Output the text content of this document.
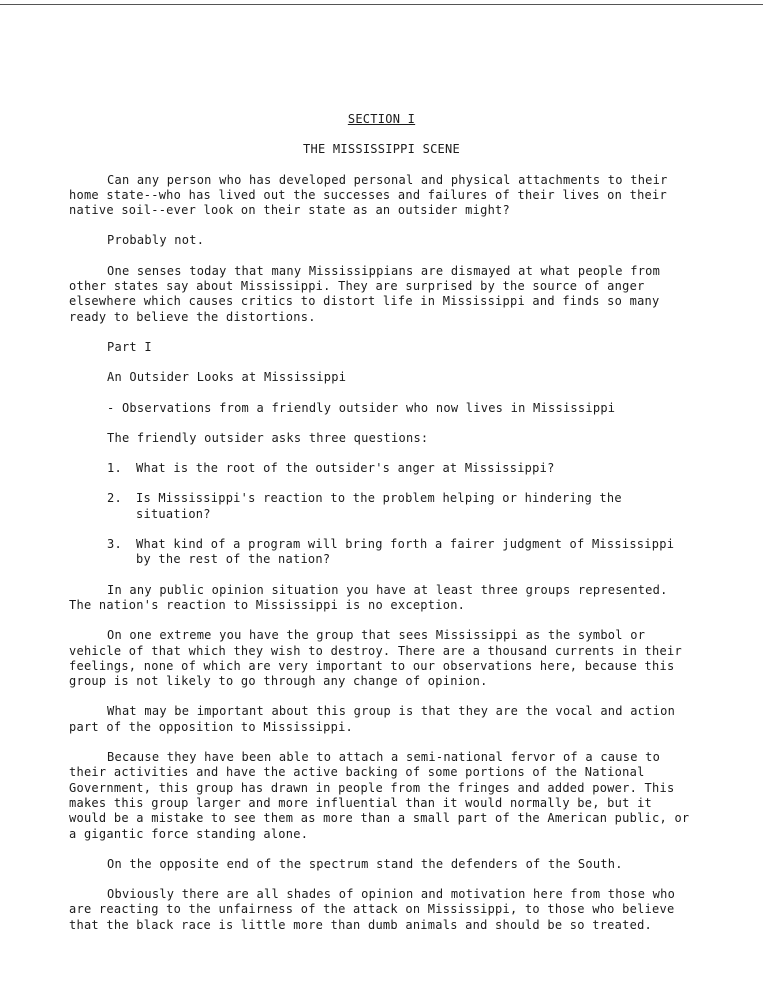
SECTION I
THE MISSISSIPPI SCENE

Can any person who has developed personal and physical attachments to their home state--who has lived out the successes and failures of their lives on their native soil--ever look on their state as an outsider might?

Probably not.

One senses today that many Mississippians are dismayed at what people from other states say about Mississippi. They are surprised by the source of anger elsewhere which causes critics to distort life in Mississippi and finds so many ready to believe the distortions.

Part I

An Outsider Looks at Mississippi

- Observations from a friendly outsider who now lives in Mississippi

The friendly outsider asks three questions:

1.	What is the root of the outsider's anger at Mississippi?
2.	Is Mississippi's reaction to the problem helping or hindering the situation?
3.	What kind of a program will bring forth a fairer judgment of Mississippi by the rest of the nation?

In any public opinion situation you have at least three groups represented. The nation's reaction to Mississippi is no exception.

On one extreme you have the group that sees Mississippi as the symbol or vehicle of that which they wish to destroy. There are a thousand currents in their feelings, none of which are very important to our observations here, because this group is not likely to go through any change of opinion.

What may be important about this group is that they are the vocal and action part of the opposition to Mississippi.

Because they have been able to attach a semi-national fervor of a cause to their activities and have the active backing of some portions of the National Government, this group has drawn in people from the fringes and added power. This makes this group larger and more influential than it would normally be, but it would be a mistake to see them as more than a small part of the American public, or a gigantic force standing alone.

On the opposite end of the spectrum stand the defenders of the South.

Obviously there are all shades of opinion and motivation here from those who are reacting to the unfairness of the attack on Mississippi, to those who believe that the black race is little more than dumb animals and should be so treated.
